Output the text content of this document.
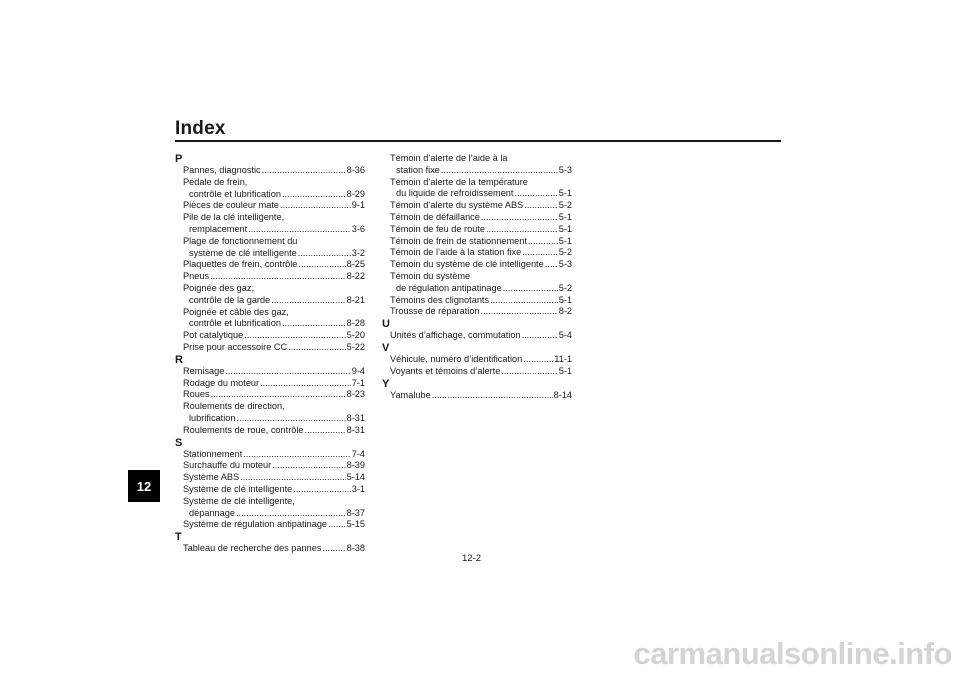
Index
12
P
Pannes, diagnostic .....	8-36
Pédale de frein,
contrôle et lubrification .....	8-29
Pièces de couleur mate .....	9-1
Pile de la clé intelligente,
remplacement .....	3-6
Plage de fonctionnement du
système de clé intelligente .....	3-2
Plaquettes de frein, contrôle .....	8-25
Pneus .....	8-22
Poignée des gaz,
contrôle de la garde .....	8-21
Poignée et câble des gaz,
contrôle et lubrification .....	8-28
Pot catalytique .....	5-20
Prise pour accessoire CC .....	5-22
R
Remisage .....	9-4
Rodage du moteur .....	7-1
Roues .....	8-23
Roulements de direction,
lubrification .....	8-31
Roulements de roue, contrôle .....	8-31
S
Stationnement .....	7-4
Surchauffe du moteur .....	8-39
Système ABS .....	5-14
Système de clé intelligente .....	3-1
Système de clé intelligente,
dépannage .....	8-37
Système de régulation antipatinage ..... 5-15
T
Tableau de recherche des pannes .....	8-38
Témoin d’alerte de l’aide à la
station fixe .....	5-3
Témoin d’alerte de la température
du liquide de refroidissement .....	5-1
Témoin d’alerte du système ABS .....	5-2
Témoin de défaillance .....	5-1
Témoin de feu de route .....	5-1
Témoin de frein de stationnement .....	5-1
Témoin de l’aide à la station fixe .....	5-2
Témoin du système de clé intelligente ..... 5-3
Témoin du système
de régulation antipatinage .....	5-2
Témoins des clignotants .....	5-1
Trousse de réparation .....	8-2
U
Unités d’affichage, commutation .....	5-4
V
Véhicule, numéro d’identification .....	11-1
Voyants et témoins d’alerte .....	5-1
Y
Yamalube .....	8-14
12-2
carmanualsonline.info
